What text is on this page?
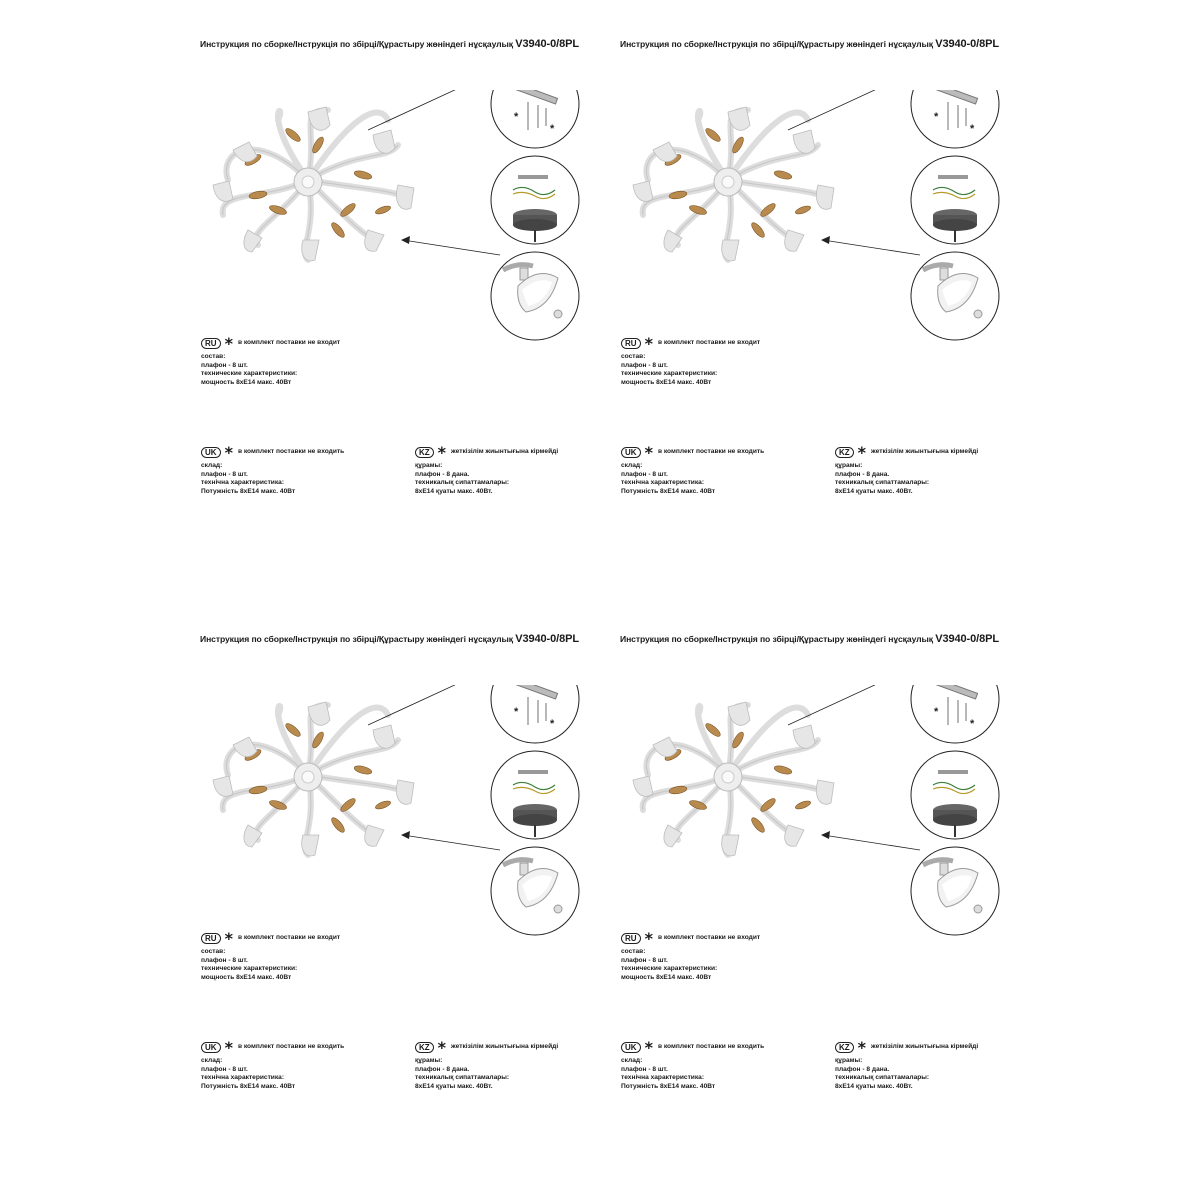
Инструкция по сборке/Інструкція по збірці/Құрастыру жөніндегі нұсқаулық V3940-0/8PL
*
*
RU * в комплект поставки не входит
состав:
плафон - 8 шт.
технические характеристики:
мощность 8хЕ14 макс. 40Вт
UK * в комплект поставки не входить
склад:
плафон - 8 шт.
технічна характеристика:
Потужність 8хЕ14 макс. 40Вт
KZ * жеткізілім жиынтығына кірмейді
құрамы:
плафон - 8 дана.
техникалық сипаттамалары:
8хЕ14 қуаты макс. 40Вт.
Инструкция по сборке/Інструкція по збірці/Құрастыру жөніндегі нұсқаулық V3940-0/8PL
*
*
RU * в комплект поставки не входит
состав:
плафон - 8 шт.
технические характеристики:
мощность 8хЕ14 макс. 40Вт
UK * в комплект поставки не входить
склад:
плафон - 8 шт.
технічна характеристика:
Потужність 8хЕ14 макс. 40Вт
KZ * жеткізілім жиынтығына кірмейді
құрамы:
плафон - 8 дана.
техникалық сипаттамалары:
8хЕ14 қуаты макс. 40Вт.
Инструкция по сборке/Інструкція по збірці/Құрастыру жөніндегі нұсқаулық V3940-0/8PL
*
*
RU * в комплект поставки не входит
состав:
плафон - 8 шт.
технические характеристики:
мощность 8хЕ14 макс. 40Вт
UK * в комплект поставки не входить
склад:
плафон - 8 шт.
технічна характеристика:
Потужність 8хЕ14 макс. 40Вт
KZ * жеткізілім жиынтығына кірмейді
құрамы:
плафон - 8 дана.
техникалық сипаттамалары:
8хЕ14 қуаты макс. 40Вт.
Инструкция по сборке/Інструкція по збірці/Құрастыру жөніндегі нұсқаулық V3940-0/8PL
*
*
RU * в комплект поставки не входит
состав:
плафон - 8 шт.
технические характеристики:
мощность 8хЕ14 макс. 40Вт
UK * в комплект поставки не входить
склад:
плафон - 8 шт.
технічна характеристика:
Потужність 8хЕ14 макс. 40Вт
KZ * жеткізілім жиынтығына кірмейді
құрамы:
плафон - 8 дана.
техникалық сипаттамалары:
8хЕ14 қуаты макс. 40Вт.
